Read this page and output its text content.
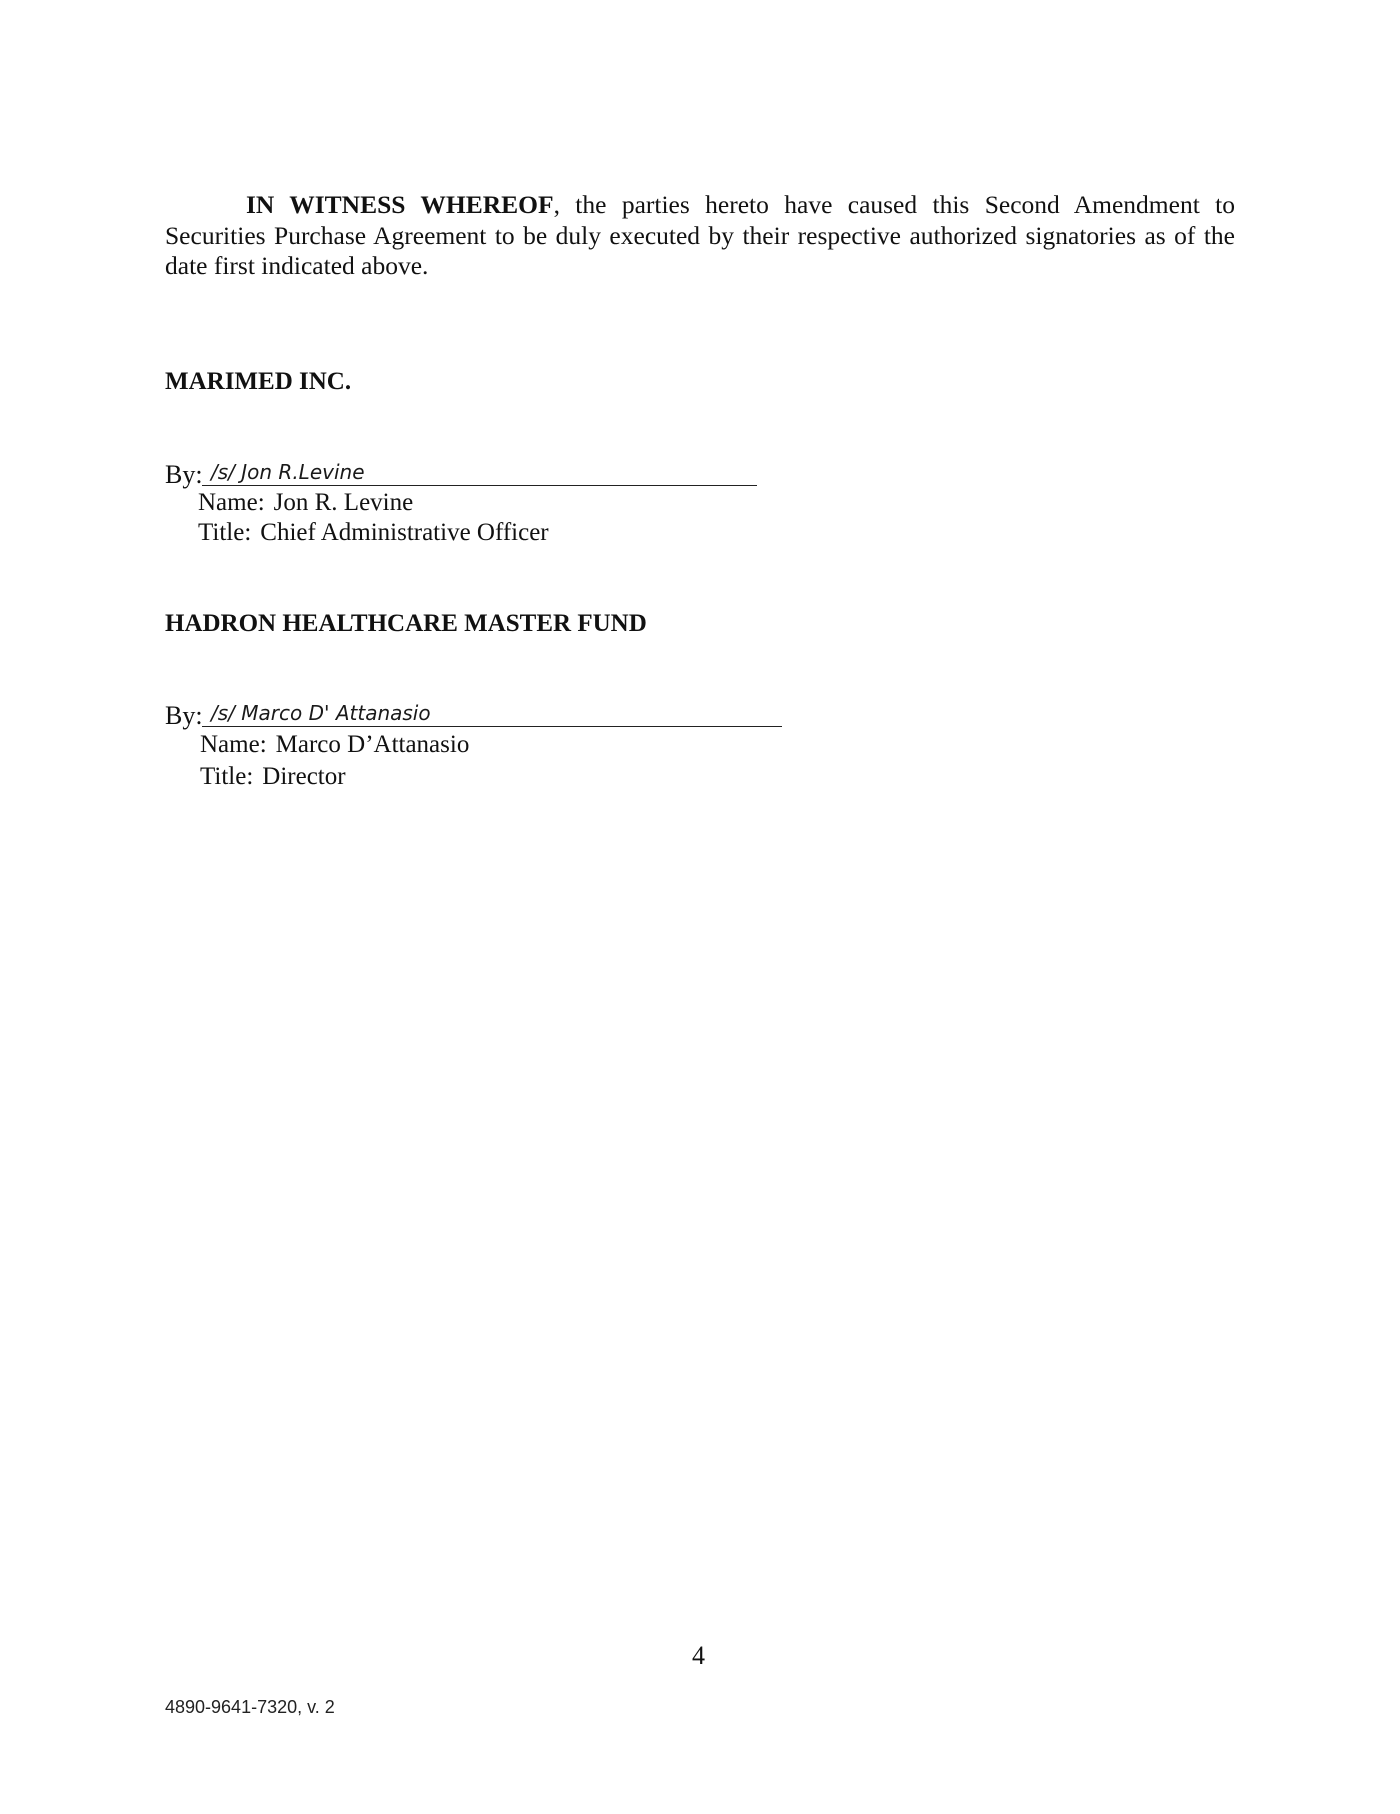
IN WITNESS WHEREOF, the parties hereto have caused this Second Amendment to Securities Purchase Agreement to be duly executed by their respective authorized signatories as of the date first indicated above.

MARIMED INC.
By: /s/ Jon R.Levine
Name: Jon R. Levine
Title: Chief Administrative Officer
HADRON HEALTHCARE MASTER FUND
By: /s/ Marco D' Attanasio
Name: Marco D’Attanasio
Title: Director
4
4890-9641-7320, v. 2
